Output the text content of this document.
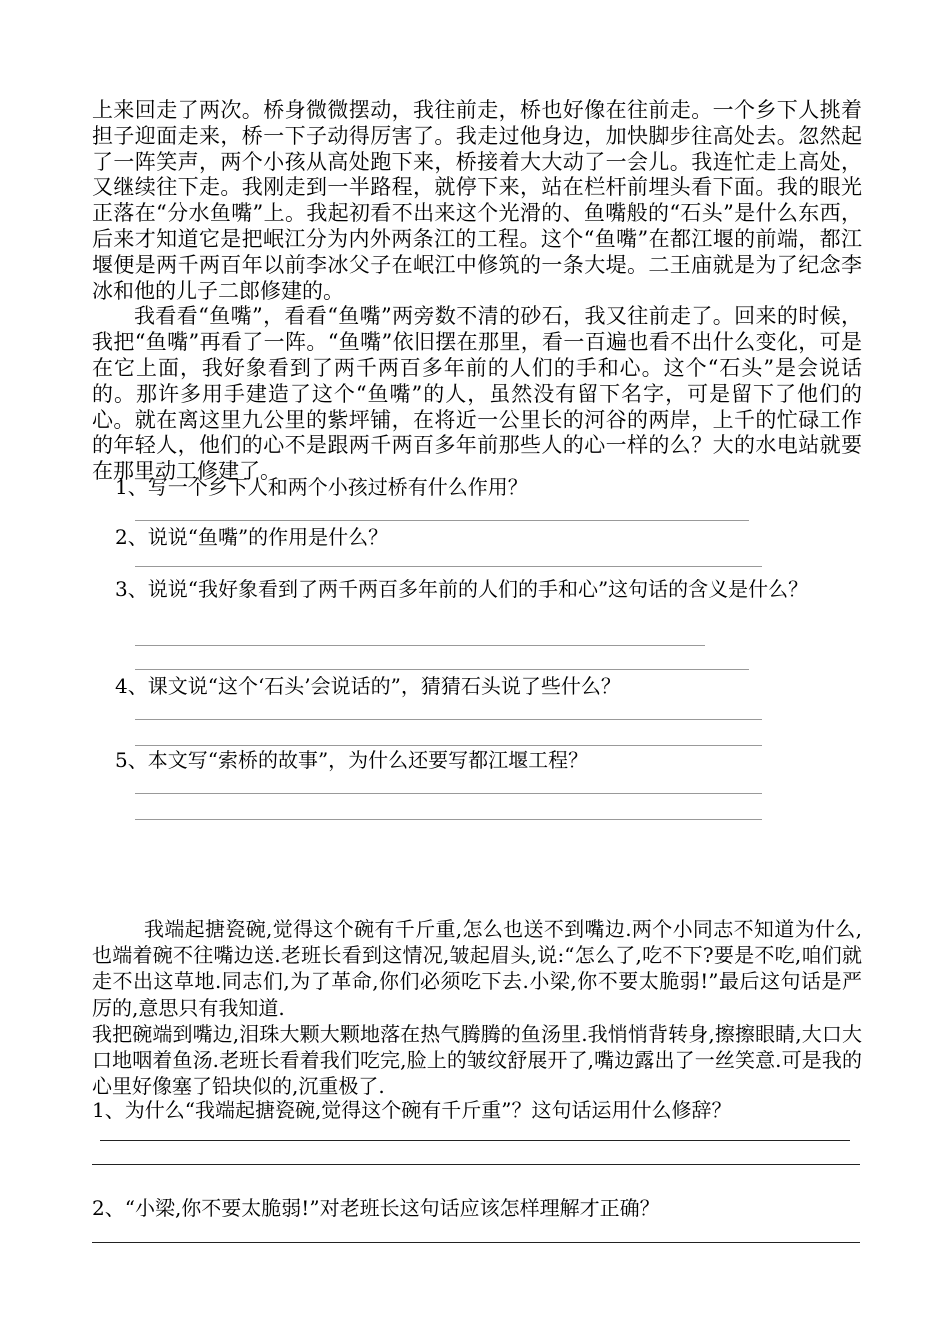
上来回走了两次。桥身微微摆动，我往前走，桥也好像在往前走。一个乡下人挑着担子迎面走来，桥一下子动得厉害了。我走过他身边，加快脚步往高处去。忽然起了一阵笑声，两个小孩从高处跑下来，桥接着大大动了一会儿。我连忙走上高处，又继续往下走。我刚走到一半路程，就停下来，站在栏杆前埋头看下面。我的眼光正落在“分水鱼嘴”上。我起初看不出来这个光滑的、鱼嘴般的“石头”是什么东西，后来才知道它是把岷江分为内外两条江的工程。这个“鱼嘴”在都江堰的前端，都江堰便是两千两百年以前李冰父子在岷江中修筑的一条大堤。二王庙就是为了纪念李冰和他的儿子二郎修建的。

我看看“鱼嘴”，看看“鱼嘴”两旁数不清的砂石，我又往前走了。回来的时候，我把“鱼嘴”再看了一阵。“鱼嘴”依旧摆在那里，看一百遍也看不出什么变化，可是在它上面，我好象看到了两千两百多年前的人们的手和心。这个“石头”是会说话的。那许多用手建造了这个“鱼嘴”的人，虽然没有留下名字，可是留下了他们的心。就在离这里九公里的紫坪铺，在将近一公里长的河谷的两岸，上千的忙碌工作的年轻人，他们的心不是跟两千两百多年前那些人的心一样的么？大的水电站就要在那里动工修建了。

1、写一个乡下人和两个小孩过桥有什么作用？
2、说说“鱼嘴”的作用是什么？
3、说说“我好象看到了两千两百多年前的人们的手和心”这句话的含义是什么？
4、课文说“这个‘石头’会说话的”，猜猜石头说了些什么？
5、本文写“索桥的故事”，为什么还要写都江堰工程？

我端起搪瓷碗,觉得这个碗有千斤重,怎么也送不到嘴边.两个小同志不知道为什么,也端着碗不往嘴边送.老班长看到这情况,皱起眉头,说:“怎么了,吃不下?要是不吃,咱们就走不出这草地.同志们,为了革命,你们必须吃下去.小梁,你不要太脆弱!”最后这句话是严厉的,意思只有我知道.

我把碗端到嘴边,泪珠大颗大颗地落在热气腾腾的鱼汤里.我悄悄背转身,擦擦眼睛,大口大口地咽着鱼汤.老班长看着我们吃完,脸上的皱纹舒展开了,嘴边露出了一丝笑意.可是我的心里好像塞了铅块似的,沉重极了.

1、为什么“我端起搪瓷碗,觉得这个碗有千斤重”？这句话运用什么修辞？
2、“小梁,你不要太脆弱!”对老班长这句话应该怎样理解才正确？
